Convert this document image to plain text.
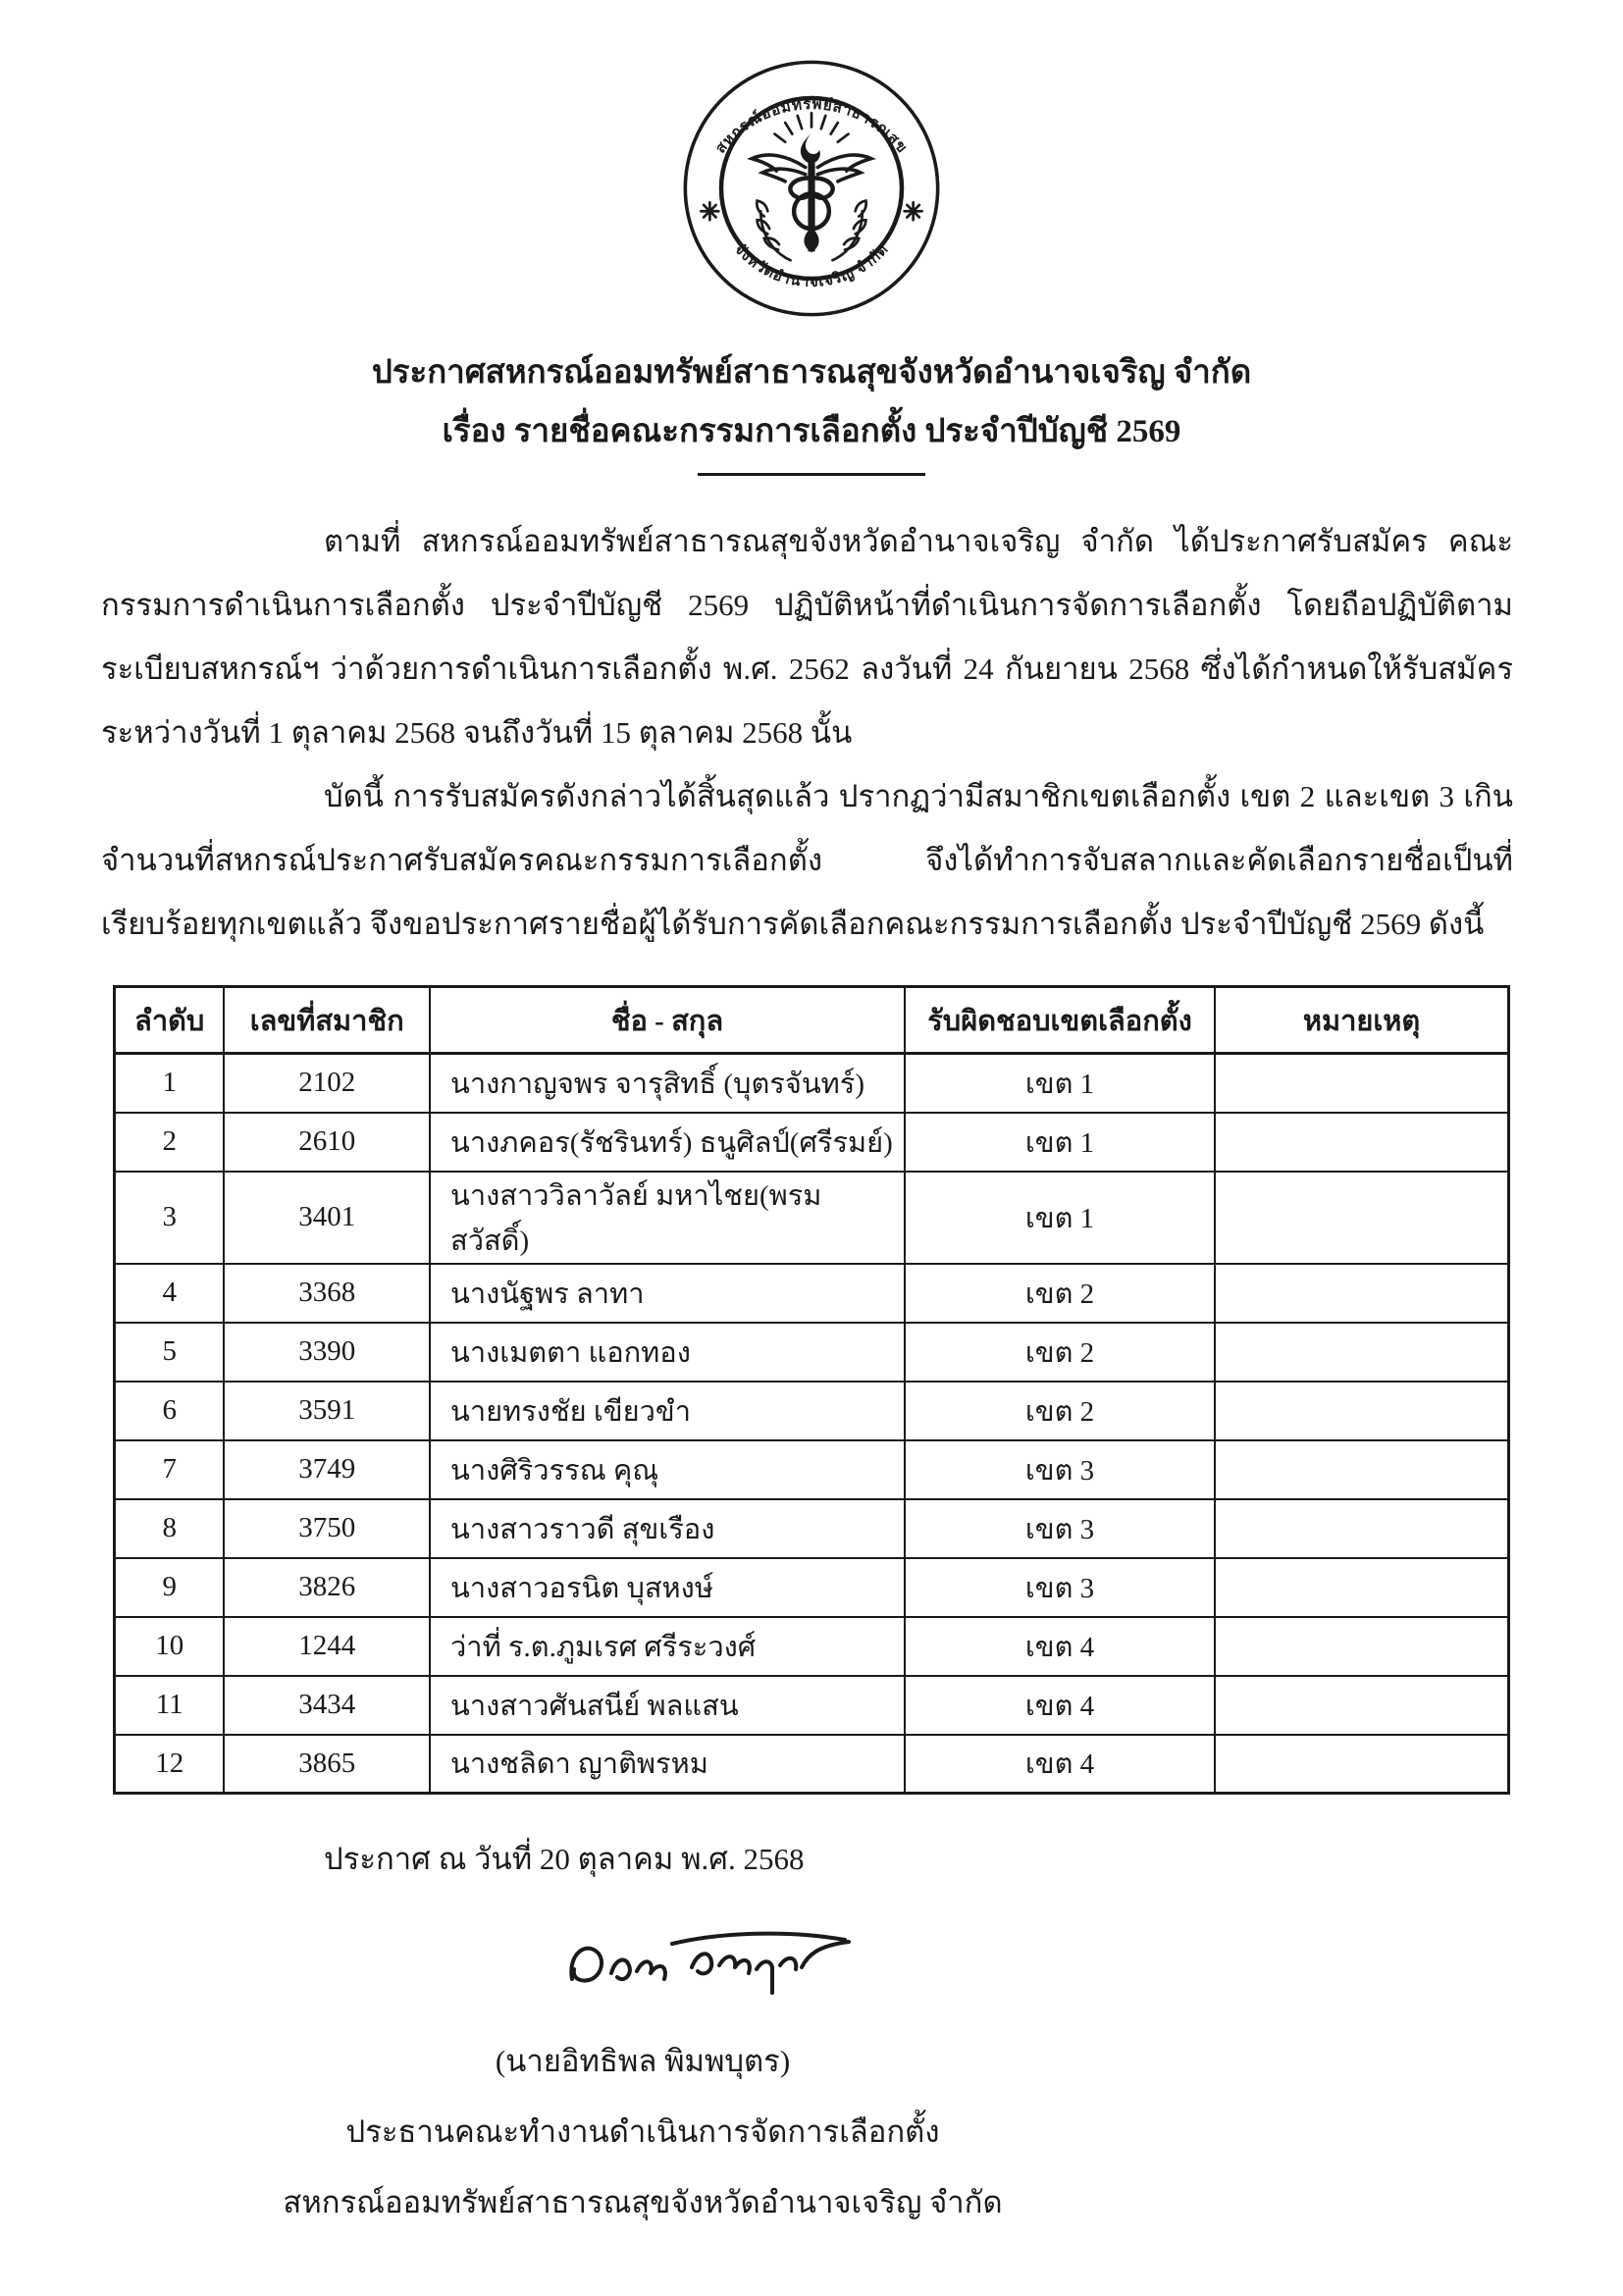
สหกรณ์ออมทรัพย์สาธารณสุข
จังหวัดอำนาจเจริญ จำกัด
ประกาศสหกรณ์ออมทรัพย์สาธารณสุขจังหวัดอำนาจเจริญ จำกัด
เรื่อง รายชื่อคณะกรรมการเลือกตั้ง ประจำปีบัญชี 2569

ตามที่ สหกรณ์ออมทรัพย์สาธารณสุขจังหวัดอำนาจเจริญ จำกัด ได้ประกาศรับสมัคร คณะกรรมการดำเนินการเลือกตั้ง ประจำปีบัญชี 2569 ปฏิบัติหน้าที่ดำเนินการจัดการเลือกตั้ง โดยถือปฏิบัติตามระเบียบสหกรณ์ฯ ว่าด้วยการดำเนินการเลือกตั้ง พ.ศ. 2562 ลงวันที่ 24 กันยายน 2568 ซึ่งได้กำหนดให้รับสมัครระหว่างวันที่ 1 ตุลาคม 2568 จนถึงวันที่ 15 ตุลาคม 2568 นั้น

บัดนี้ การรับสมัครดังกล่าวได้สิ้นสุดแล้ว ปรากฏว่ามีสมาชิกเขตเลือกตั้ง เขต 2 และเขต 3 เกินจำนวนที่สหกรณ์ประกาศรับสมัครคณะกรรมการเลือกตั้ง จึงได้ทำการจับสลากและคัดเลือกรายชื่อเป็นที่เรียบร้อยทุกเขตแล้ว จึงขอประกาศรายชื่อผู้ได้รับการคัดเลือกคณะกรรมการเลือกตั้ง ประจำปีบัญชี 2569 ดังนี้

ลำดับ	เลขที่สมาชิก	ชื่อ - สกุล	รับผิดชอบเขตเลือกตั้ง	หมายเหตุ
1	2102	นางกาญจพร จารุสิทธิ์ (บุตรจันทร์)	เขต 1	
2	2610	นางภคอร(รัชรินทร์) ธนูศิลป์(ศรีรมย์)	เขต 1	
3	3401	นางสาววิลาวัลย์ มหาไชย(พรมสวัสดิ์)	เขต 1	
4	3368	นางนัฐพร ลาทา	เขต 2	
5	3390	นางเมตตา แอกทอง	เขต 2	
6	3591	นายทรงชัย เขียวขำ	เขต 2	
7	3749	นางศิริวรรณ คุณุ	เขต 3	
8	3750	นางสาวราวดี สุขเรือง	เขต 3	
9	3826	นางสาวอรนิต บุสหงษ์	เขต 3	
10	1244	ว่าที่ ร.ต.ภูมเรศ ศรีระวงศ์	เขต 4	
11	3434	นางสาวศันสนีย์ พลแสน	เขต 4	
12	3865	นางชลิดา ญาติพรหม	เขต 4	
ประกาศ ณ วันที่ 20 ตุลาคม พ.ศ. 2568
(นายอิทธิพล พิมพบุตร)
ประธานคณะทำงานดำเนินการจัดการเลือกตั้ง
สหกรณ์ออมทรัพย์สาธารณสุขจังหวัดอำนาจเจริญ จำกัด
